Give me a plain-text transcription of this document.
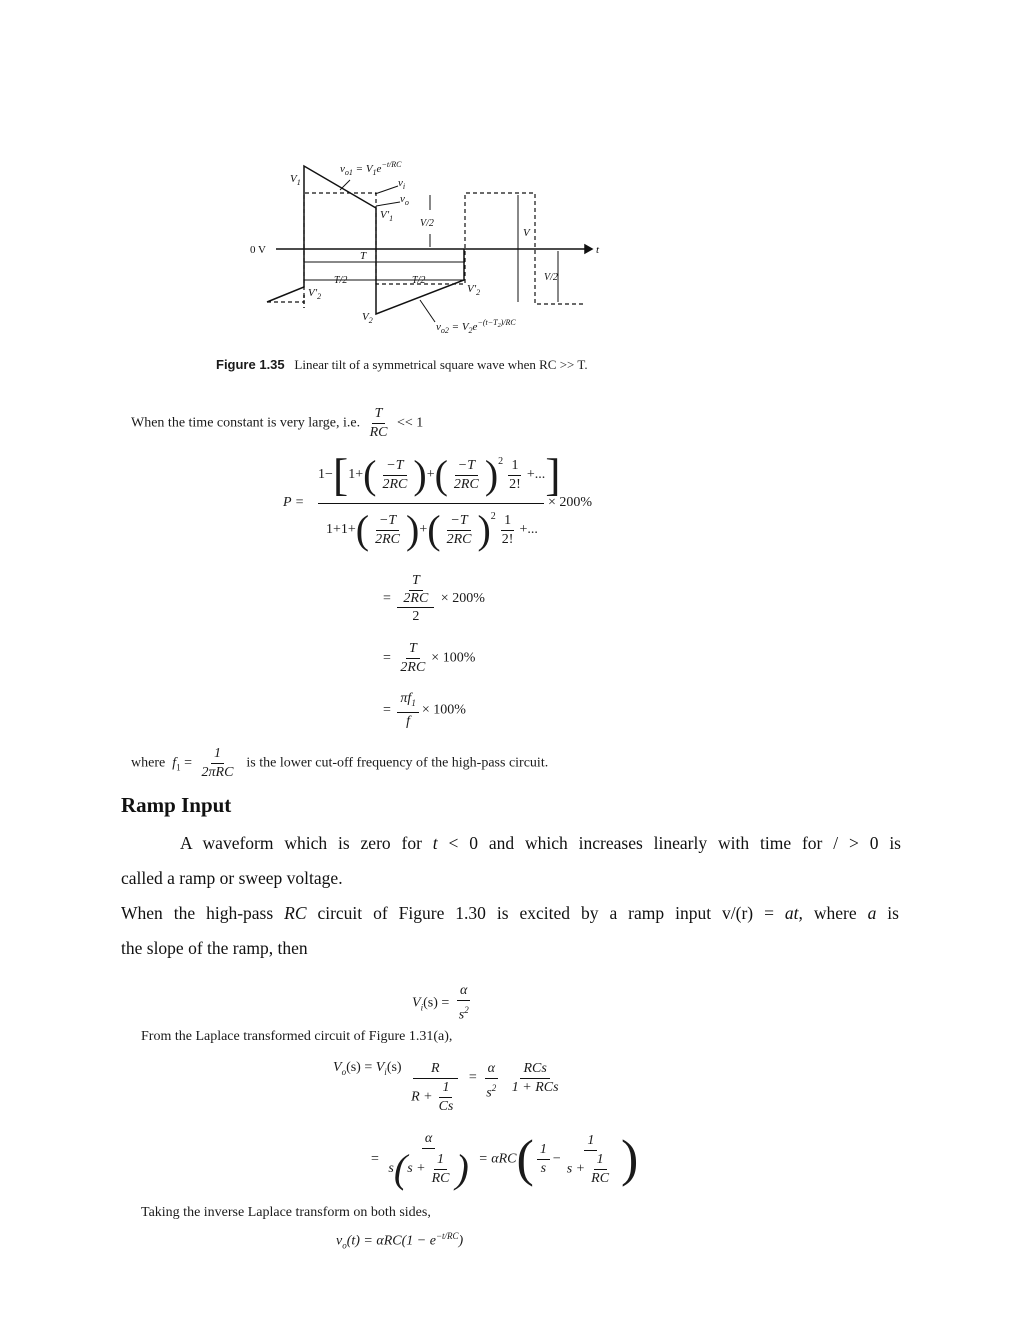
$V_1$
$v_{o1} = V_1e^{-t/RC}$
$v_i$
$v_o$
$V'_1$	V/2
V
0 V	t
T
T/2	T/2	V/2
$V'_2$
$V'_2$
$V_2$
$v_{o2} = V_2e^{-(t-T}2)/RC$
Figure 1.35 Linear tilt of a symmetrical square wave when RC >> T.
When the time constant is very large, i.e. $\frac{T}{RC} << 1$
P =
$1-[1+( \frac{-T}{2RC}$ )+( $\frac{-T}{2RC} )^2 \frac{1}{2!}$ +...]
× 200%
$1+1+( \frac{-T}{2RC}$ )+( $\frac{-T}{2RC} )^2 \frac{1}{2!}$ +...
= $\frac{\frac{T}{2RC}}{2} \times 200\%$
= $\frac{T}{2RC} \times 100\%$
= $\frac{\pi f_1}{f} \times 100\%$
where $f_1 = \frac{1}{\text{2πRC}}$ is the lower cut-off frequency of the high-pass circuit.
Ramp Input
A waveform which is zero for t < 0 and which increases linearly with time for / > 0 is
called a ramp or sweep voltage.
When the high-pass RC circuit of Figure 1.30 is excited by a ramp input v/(r) = at, where a is
the slope of the ramp, then
$V_i(s) = \frac{\alpha}{s^2}$
From the Laplace transformed circuit of Figure 1.31(a),
$V_o(s) = V_i(s) \frac{R}{R + \frac{1}{Cs}} = \frac{\alpha}{s^2}$
$\frac{\text{RCs}}{\text{1 + RCs}}$
= $\frac{\alpha}{s(s + \frac{1}{RC} )} = \alpha RC( \frac{1}{s} - \frac{1}{s + \frac{1}{RC}}$ )
Taking the inverse Laplace transform on both sides,
$v_o(t) = \alpha RC(1 - e^{-t/RC})$
